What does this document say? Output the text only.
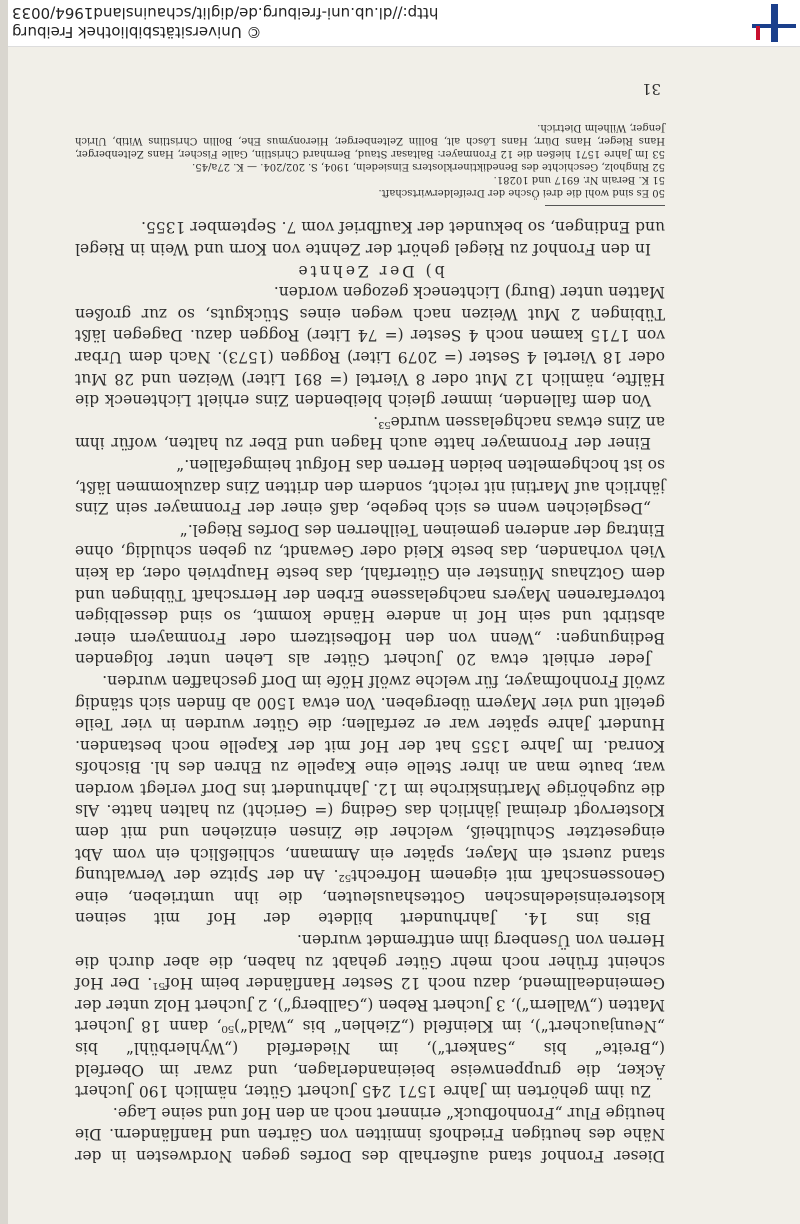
Dieser Fronhof stand außerhalb des Dorfes gegen Nordwesten in der Nähe des heutigen Friedhofs inmitten von Gärten und Hanfländern. Die heutige Flur „Fronhofbuck“ erinnert noch an den Hof und seine Lage.

Zu ihm gehörten im Jahre 1571 245 Juchert Güter, nämlich 190 Juchert Äcker, die gruppenweise beieinanderlagen, und zwar im Oberfeld („Breite“ bis „Sankert“), im Niederfeld („Wyhlerbühl“ bis „Neunjauchert“), im Kleinfeld („Ziehlen“ bis „Wald“)⁵⁰, dann 18 Juchert Matten („Wallern“), 3 Juchert Reben („Gallberg“), 2 Juchert Holz unter der Gemeindeallmend, dazu noch 12 Sester Hanfländer beim Hof⁵¹. Der Hof scheint früher noch mehr Güter gehabt zu haben, die aber durch die Herren von Üsenberg ihm entfremdet wurden.

Bis ins 14. Jahrhundert bildete der Hof mit seinen klostereinsiedelnschen Gotteshausleuten, die ihn umtrieben, eine Genossenschaft mit eigenem Hofrecht⁵². An der Spitze der Verwaltung stand zuerst ein Mayer, später ein Ammann, schließlich ein vom Abt eingesetzter Schultheiß, welcher die Zinsen einziehen und mit dem Klostervogt dreimal jährlich das Geding (= Gericht) zu halten hatte. Als die zugehörige Martinskirche im 12. Jahrhundert ins Dorf verlegt worden war, baute man an ihrer Stelle eine Kapelle zu Ehren des hl. Bischofs Konrad. Im Jahre 1355 hat der Hof mit der Kapelle noch bestanden. Hundert Jahre später war er zerfallen; die Güter wurden in vier Teile geteilt und vier Mayern übergeben. Von etwa 1500 ab finden sich ständig zwölf Fronhofmayer, für welche zwölf Höfe im Dorf geschaffen wurden.

Jeder erhielt etwa 20 Juchert Güter als Lehen unter folgenden Bedingungen: „Wenn von den Hofbesitzern oder Fronmayern einer abstirbt und sein Hof in andere Hände kommt, so sind desselbigen totverfarenen Mayers nachgelassene Erben der Herrschaft Tübingen und dem Gotzhaus Münster ein Güterfahl, das beste Hauptvieh oder, da kein Vieh vorhanden, das beste Kleid oder Gewandt, zu geben schuldig, ohne Eintrag der anderen gemeinen Teilherren des Dorfes Riegel.“

„Desgleichen wenn es sich begebe, daß einer der Fronmayer sein Zins jährlich auf Martini nit reicht, sondern den dritten Zins dazukommen läßt, so ist hochgemelten beiden Herren das Hofgut heimgefallen.“

Einer der Fronmayer hatte auch Hagen und Eber zu halten, wofür ihm an Zins etwas nachgelassen wurde⁵³.

Von dem fallenden, immer gleich bleibenden Zins erhielt Lichteneck die Hälfte, nämlich 12 Mut oder 8 Viertel (= 891 Liter) Weizen und 28 Mut oder 18 Viertel 4 Sester (= 2079 Liter) Roggen (1573). Nach dem Urbar von 1715 kamen noch 4 Sester (= 74 Liter) Roggen dazu. Dagegen läßt Tübingen 2 Mut Weizen nach wegen eines Stückguts, so zur großen Matten unter (Burg) Lichteneck gezogen worden.

b) Der Zehnte

In den Fronhof zu Riegel gehört der Zehnte von Korn und Wein in Riegel und Endingen, so bekundet der Kaufbrief vom 7. September 1355.

50 Es sind wohl die drei Ösche der Dreifelderwirtschaft.

51 K. Berain Nr. 6917 und 10281.

52 Ringholz, Geschichte des Benediktinerklosters Einsiedeln, 1904, S. 202/204. — K. 27a/45.

53 Im Jahre 1571 hießen die 12 Fronmayer: Baltasar Staud, Bernhard Christlin, Galle Fischer, Hans Zeltenberger, Hans Rieger, Hans Dürr, Hans Lösch alt, Bollin Zeltenberger, Hieronymus Ehe, Bollin Christlins Witib, Ulrich Jenger, Wilhelm Dietrich.

31
© Universitätsbibliothek Freiburg
http://dl.ub.uni-freiburg.de/diglit/schauinsland1964/0033
